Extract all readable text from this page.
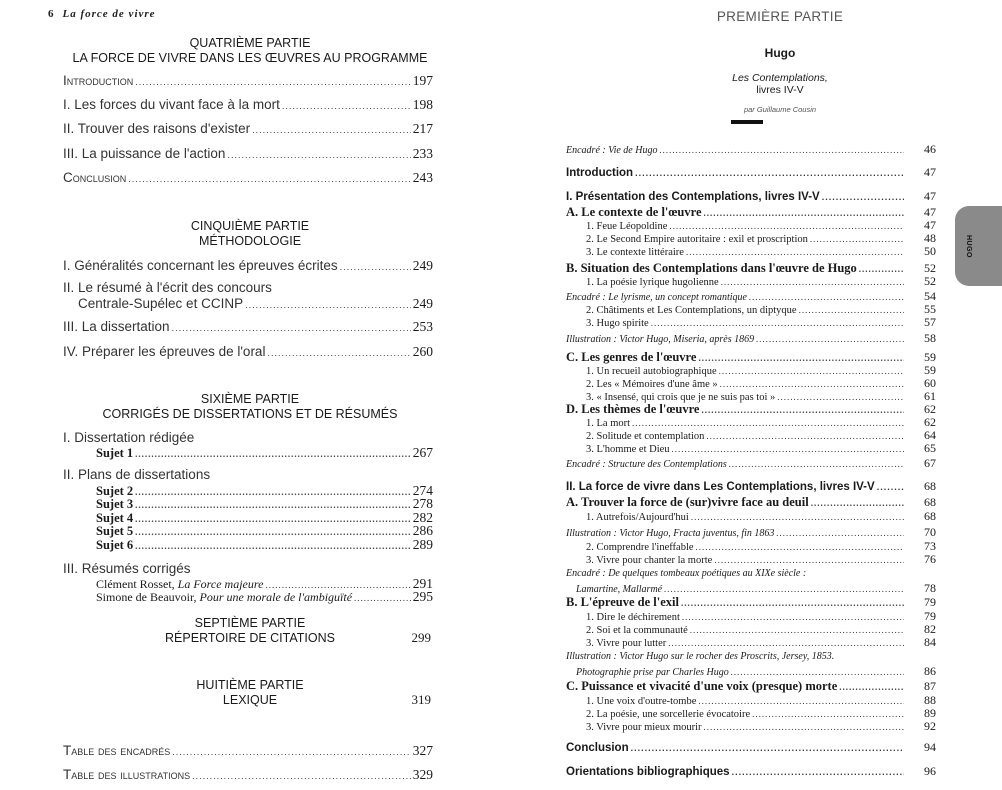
6 La force de vivre
QUATRIÈME PARTIE
LA FORCE DE VIVRE DANS LES ŒUVRES AU PROGRAMME
Introduction .....	197
I. Les forces du vivant face à la mort .....	198
II. Trouver des raisons d'exister .....	217
III. La puissance de l'action .....	233
Conclusion .....	243
CINQUIÈME PARTIE
MÉTHODOLOGIE
I. Généralités concernant les épreuves écrites .....	249
II. Le résumé à l'écrit des concours
Centrale-Supélec et CCINP .....	249
III. La dissertation .....	253
IV. Préparer les épreuves de l'oral .....	260
SIXIÈME PARTIE
CORRIGÉS DE DISSERTATIONS ET DE RÉSUMÉS
I. Dissertation rédigée
Sujet 1 .....	267
II. Plans de dissertations
Sujet 2 .....	274
Sujet 3 .....	278
Sujet 4 .....	282
Sujet 5 .....	286
Sujet 6 .....	289
III. Résumés corrigés
Clément Rosset, La Force majeure .....	291
Simone de Beauvoir, Pour une morale de l'ambiguïté .....	295
SEPTIÈME PARTIE
RÉPERTOIRE DE CITATIONS	299
HUITIÈME PARTIE
LEXIQUE	319
Table des encadrés .....	327
Table des illustrations .....	329
PREMIÈRE PARTIE
Hugo
Les Contemplations,
livres IV-V
par Guillaume Cousin
Encadré : Vie de Hugo .....	46
Introduction .....	47
I. Présentation des Contemplations, livres IV-V .....	47
A. Le contexte de l'œuvre .....	47
1. Feue Léopoldine .....	47
2. Le Second Empire autoritaire : exil et proscription .....	48
3. Le contexte littéraire .....	50
B. Situation des Contemplations dans l'œuvre de Hugo .....	52
1. La poésie lyrique hugolienne .....	52
Encadré : Le lyrisme, un concept romantique .....	54
2. Châtiments et Les Contemplations, un diptyque .....	55
3. Hugo spirite .....	57
Illustration : Victor Hugo, Miseria, après 1869 .....	58
C. Les genres de l'œuvre .....	59
1. Un recueil autobiographique .....	59
2. Les « Mémoires d'une âme » .....	60
3. « Insensé, qui crois que je ne suis pas toi » .....	61
D. Les thèmes de l'œuvre .....	62
1. La mort .....	62
2. Solitude et contemplation .....	64
3. L'homme et Dieu .....	65
Encadré : Structure des Contemplations .....	67
II. La force de vivre dans Les Contemplations, livres IV-V .....	68
A. Trouver la force de (sur)vivre face au deuil .....	68
1. Autrefois/Aujourd'hui .....	68
Illustration : Victor Hugo, Fracta juventus, fin 1863 .....	70
2. Comprendre l'ineffable .....	73
3. Vivre pour chanter la morte .....	76
Encadré : De quelques tombeaux poétiques au XIXe siècle :
Lamartine, Mallarmé .....	78
B. L'épreuve de l'exil .....	79
1. Dire le déchirement .....	79
2. Soi et la communauté .....	82
3. Vivre pour lutter .....	84
Illustration : Victor Hugo sur le rocher des Proscrits, Jersey, 1853.
Photographie prise par Charles Hugo .....	86
C. Puissance et vivacité d'une voix (presque) morte .....	87
1. Une voix d'outre-tombe .....	88
2. La poésie, une sorcellerie évocatoire .....	89
3. Vivre pour mieux mourir .....	92
Conclusion .....	94
Orientations bibliographiques .....	96
HUGO
